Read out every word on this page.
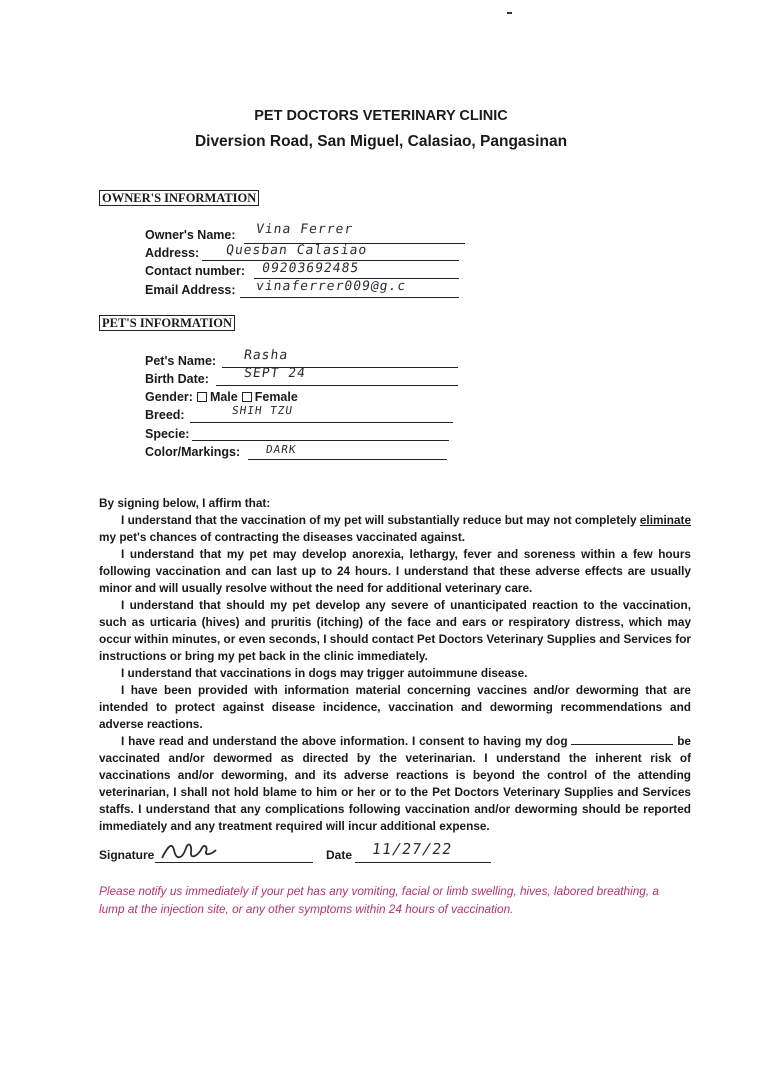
PET DOCTORS VETERINARY CLINIC
Diversion Road, San Miguel, Calasiao, Pangasinan
OWNER'S INFORMATION
Owner's Name: Vina Ferrer
Address: Quesban Calasiao
Contact number: 09203692485
Email Address: vinaferrer009@g.c
PET'S INFORMATION
Pet's Name: Rasha
Birth Date:	SEPT 24
Gender: Male Female
Breed:	SHIH TZU
Specie:
Color/Markings: DARK

By signing below, I affirm that:

I understand that the vaccination of my pet will substantially reduce but may not completely eliminate my pet's chances of contracting the diseases vaccinated against.

I understand that my pet may develop anorexia, lethargy, fever and soreness within a few hours following vaccination and can last up to 24 hours. I understand that these adverse effects are usually minor and will usually resolve without the need for additional veterinary care.

I understand that should my pet develop any severe of unanticipated reaction to the vaccination, such as urticaria (hives) and pruritis (itching) of the face and ears or respiratory distress, which may occur within minutes, or even seconds, I should contact Pet Doctors Veterinary Supplies and Services for instructions or bring my pet back in the clinic immediately.

I understand that vaccinations in dogs may trigger autoimmune disease.

I have been provided with information material concerning vaccines and/or deworming that are intended to protect against disease incidence, vaccination and deworming recommendations and adverse reactions.

I have read and understand the above information. I consent to having my dog	be vaccinated and/or dewormed as directed by the veterinarian. I understand the inherent risk of vaccinations and/or deworming, and its adverse reactions is beyond the control of the attending veterinarian, I shall not hold blame to him or her or to the Pet Doctors Veterinary Supplies and Services staffs. I understand that any complications following vaccination and/or deworming should be reported immediately and any treatment required will incur additional expense.

Signature	Date 11/27/22
Please notify us immediately if your pet has any vomiting, facial or limb swelling, hives, labored breathing, a lump at the injection site, or any other symptoms within 24 hours of vaccination.
